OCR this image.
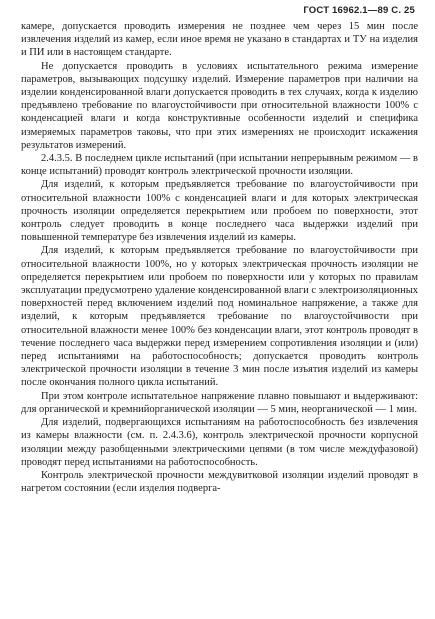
ГОСТ 16962.1—89 С. 25

камере, допускается проводить измерения не позднее чем через 15 мин после извлечения изделий из камер, если иное время не указано в стандартах и ТУ на изделия и ПИ или в настоящем стандарте.

Не допускается проводить в условиях испытательного режима измерение параметров, вызывающих подсушку изделий. Измерение параметров при наличии на изделии конденсированной влаги допускается проводить в тех случаях, когда к изделию предъявлено требование по влагоустойчивости при относительной влажности 100% с конденсацией влаги и когда конструктивные особенности изделий и специфика измеряемых параметров таковы, что при этих измерениях не происходит искажения результатов измерений.

2.4.3.5. В последнем цикле испытаний (при испытании непрерывным режимом — в конце испытаний) проводят контроль электрической прочности изоляции.

Для изделий, к которым предъявляется требование по влагоустойчивости при относительной влажности 100% с конденсацией влаги и для которых электрическая прочность изоляции определяется перекрытием или пробоем по поверхности, этот контроль следует проводить в конце последнего часа выдержки изделий при повышенной температуре без извлечения изделий из камеры.

Для изделий, к которым предъявляется требование по влагоустойчивости при относительной влажности 100%, но у которых электрическая прочность изоляции не определяется перекрытием или пробоем по поверхности или у которых по правилам эксплуатации предусмотрено удаление конденсированной влаги с электроизоляционных поверхностей перед включением изделий под номинальное напряжение, а также для изделий, к которым предъявляется требование по влагоустойчивости при относительной влажности менее 100% без конденсации влаги, этот контроль проводят в течение последнего часа выдержки перед измерением сопротивления изоляции и (или) перед испытаниями на работоспособность; допускается проводить контроль электрической прочности изоляции в течение 3 мин после изъятия изделий из камеры после окончания полного цикла испытаний.

При этом контроле испытательное напряжение плавно повышают и выдерживают: для органической и кремнийорганической изоляции — 5 мин, неорганической — 1 мин.

Для изделий, подвергающихся испытаниям на работоспособность без извлечения из камеры влажности (см. п. 2.4.3.6), контроль электрической прочности корпусной изоляции между разобщенными электрическими цепями (в том числе междуфазовой) проводят перед испытаниями на работоспособность.

Контроль электрической прочности междувитковой изоляции изделий проводят в нагретом состоянии (если изделия подверга-
